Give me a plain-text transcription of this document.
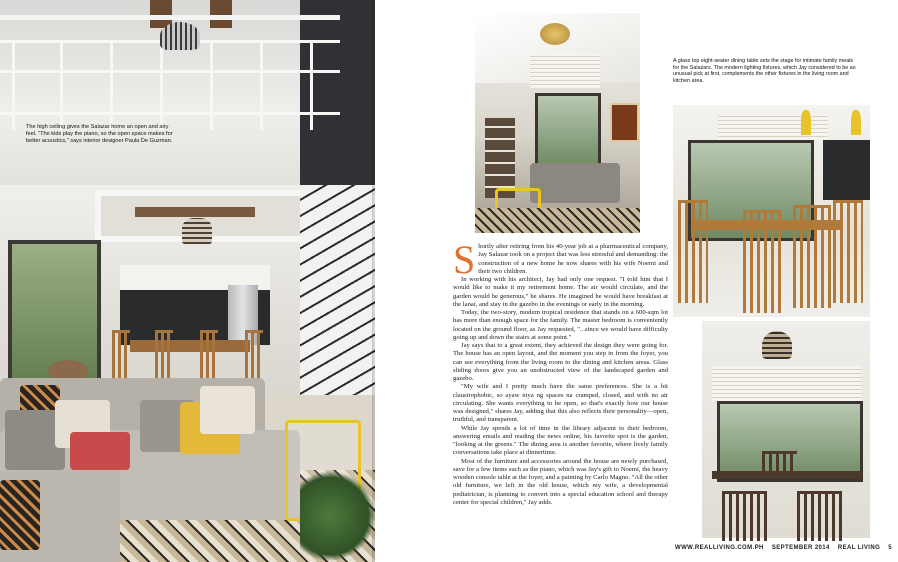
The high ceiling gives the Salazar home an open and airy feel. "The kids play the piano, so the open space makes for better acoustics," says interior designer Paula De Guzman.
A glass top eight-seater dining table sets the stage for intimate family meals for the Salazars. The modern lighting fixtures, which Jay considered to be an unusual pick at first, complements the other fixtures in the living room and kitchen area.

Shortly after retiring from his 40-year job at a pharmaceutical company, Jay Salazar took on a project that was less stressful and demanding: the construction of a new home he now shares with his wife Noemi and their two children.

In working with his architect, Jay had only one request. "I told him that I would like to make it my retirement home. The air would circulate, and the garden would be generous," he shares. He imagined he would have breakfast at the lanai, and stay in the gazebo in the evenings or early in the morning.

Today, the two-story, modern tropical residence that stands on a 600-sqm lot has more than enough space for the family. The master bedroom is conveniently located on the ground floor, as Jay requested, "...since we would have difficulty going up and down the stairs at some point."

Jay says that to a great extent, they achieved the design they were going for. The house has an open layout, and the moment you step in from the foyer, you can see everything from the living room to the dining and kitchen areas. Glass sliding doors give you an unobstructed view of the landscaped garden and gazebo.

"My wife and I pretty much have the same preferences. She is a bit claustrophobic, so ayaw niya ng spaces na cramped, closed, and with no air circulating. She wants everything to be open, so that's exactly how our house was designed," shares Jay, adding that this also reflects their personality—open, truthful, and transparent.

While Jay spends a lot of time in the library adjacent to their bedroom, answering emails and reading the news online, his favorite spot is the garden, "looking at the greens." The dining area is another favorite, where lively family conversations take place at dinnertime.

Most of the furniture and accessories around the house are newly purchased, save for a few items such as the piano, which was Jay's gift to Noemi, the heavy wooden console table at the foyer, and a painting by Carlo Magno. "All the other old furniture, we left in the old house, which my wife, a developmental pediatrician, is planning to convert into a special education school and therapy center for special children," Jay adds.

WWW.REALLIVING.COM.PH SEPTEMBER 2014 REAL LIVING 5
